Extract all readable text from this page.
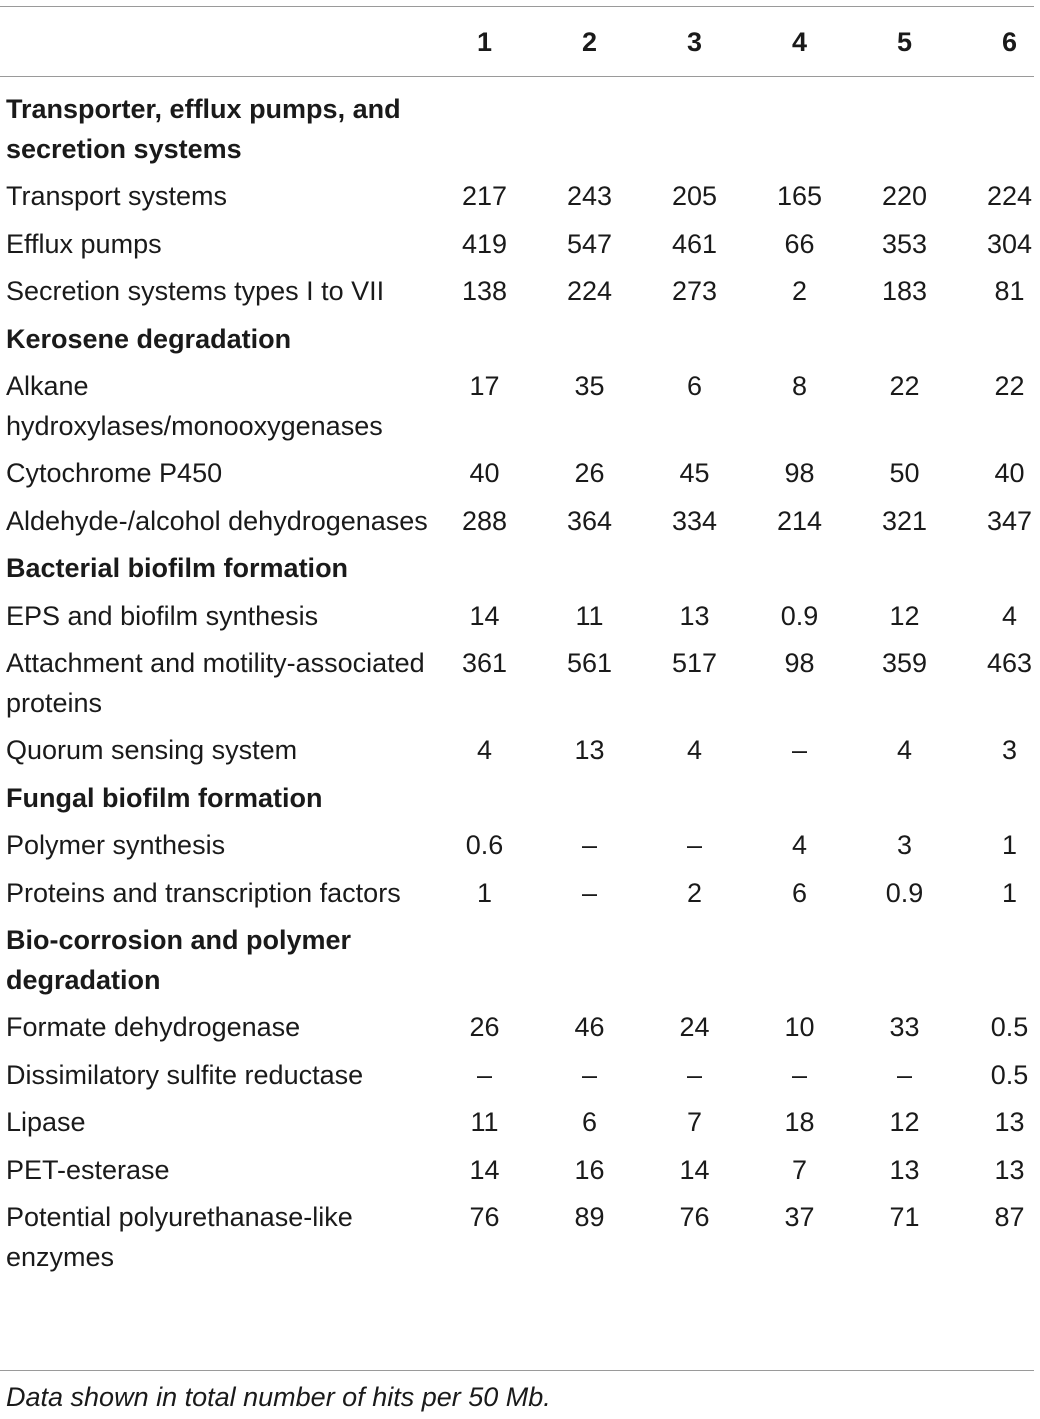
	1	2	3	4	5	6
Transporter, efflux pumps, and secretion systems						
Transport systems	217	243	205	165	220	224
Efflux pumps	419	547	461	66	353	304
Secretion systems types I to VII	138	224	273	2	183	81
Kerosene degradation						
Alkane hydroxylases/monooxygenases	17	35	6	8	22	22
Cytochrome P450	40	26	45	98	50	40
Aldehyde-/alcohol dehydrogenases	288	364	334	214	321	347
Bacterial biofilm formation						
EPS and biofilm synthesis	14	11	13	0.9	12	4
Attachment and motility-associated proteins	361	561	517	98	359	463
Quorum sensing system	4	13	4	–	4	3
Fungal biofilm formation						
Polymer synthesis	0.6	–	–	4	3	1
Proteins and transcription factors	1	–	2	6	0.9	1
Bio-corrosion and polymer degradation						
Formate dehydrogenase	26	46	24	10	33	0.5
Dissimilatory sulfite reductase	–	–	–	–	–	0.5
Lipase	11	6	7	18	12	13
PET-esterase	14	16	14	7	13	13
Potential polyurethanase-like enzymes	76	89	76	37	71	87
Data shown in total number of hits per 50 Mb.
